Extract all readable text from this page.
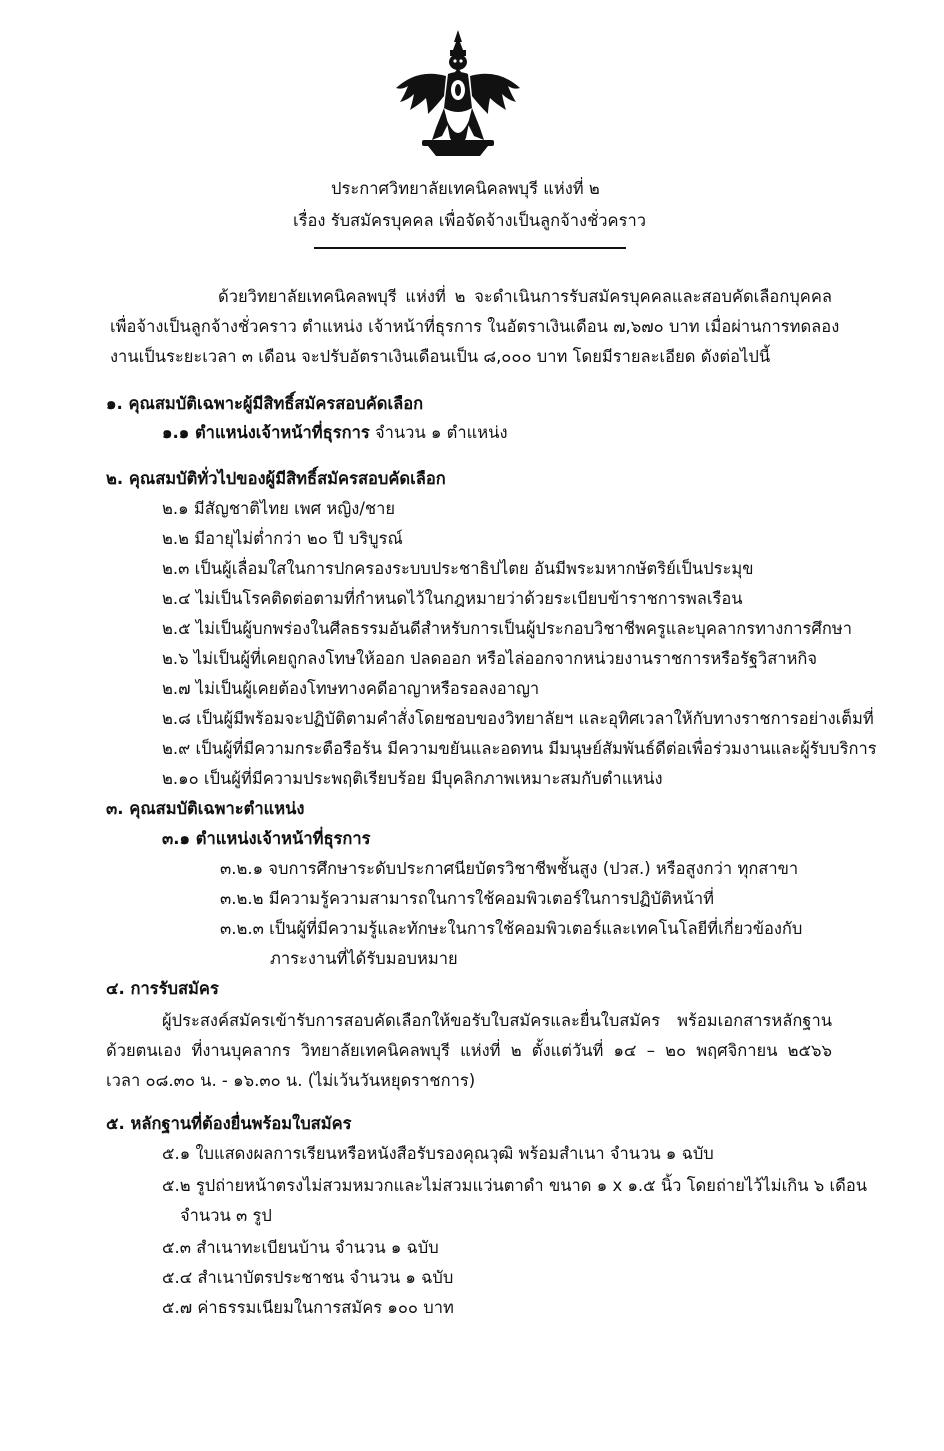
ประกาศวิทยาลัยเทคนิคลพบุรี แห่งที่ ๒
เรื่อง รับสมัครบุคคล เพื่อจัดจ้างเป็นลูกจ้างชั่วคราว
ด้วยวิทยาลัยเทคนิคลพบุรี แห่งที่ ๒ จะดำเนินการรับสมัครบุคคลและสอบคัดเลือกบุคคล
เพื่อจ้างเป็นลูกจ้างชั่วคราว ตำแหน่ง เจ้าหน้าที่ธุรการ ในอัตราเงินเดือน ๗,๖๗๐ บาท เมื่อผ่านการทดลอง
งานเป็นระยะเวลา ๓ เดือน จะปรับอัตราเงินเดือนเป็น ๘,๐๐๐ บาท โดยมีรายละเอียด ดังต่อไปนี้
๑. คุณสมบัติเฉพาะผู้มีสิทธิ์สมัครสอบคัดเลือก
๑.๑ ตำแหน่งเจ้าหน้าที่ธุรการ จำนวน ๑ ตำแหน่ง
๒. คุณสมบัติทั่วไปของผู้มีสิทธิ์สมัครสอบคัดเลือก
๒.๑ มีสัญชาติไทย เพศ หญิง/ชาย
๒.๒ มีอายุไม่ต่ำกว่า ๒๐ ปี บริบูรณ์
๒.๓ เป็นผู้เลื่อมใสในการปกครองระบบประชาธิปไตย อันมีพระมหากษัตริย์เป็นประมุข
๒.๔ ไม่เป็นโรคติดต่อตามที่กำหนดไว้ในกฎหมายว่าด้วยระเบียบข้าราชการพลเรือน
๒.๕ ไม่เป็นผู้บกพร่องในศีลธรรมอันดีสำหรับการเป็นผู้ประกอบวิชาชีพครูและบุคลากรทางการศึกษา
๒.๖ ไม่เป็นผู้ที่เคยถูกลงโทษให้ออก ปลดออก หรือไล่ออกจากหน่วยงานราชการหรือรัฐวิสาหกิจ
๒.๗ ไม่เป็นผู้เคยต้องโทษทางคดีอาญาหรือรอลงอาญา
๒.๘ เป็นผู้มีพร้อมจะปฏิบัติตามคำสั่งโดยชอบของวิทยาลัยฯ และอุทิศเวลาให้กับทางราชการอย่างเต็มที่
๒.๙ เป็นผู้ที่มีความกระตือรือร้น มีความขยันและอดทน มีมนุษย์สัมพันธ์ดีต่อเพื่อร่วมงานและผู้รับบริการ
๒.๑๐ เป็นผู้ที่มีความประพฤติเรียบร้อย มีบุคลิกภาพเหมาะสมกับตำแหน่ง
๓. คุณสมบัติเฉพาะตำแหน่ง
๓.๑ ตำแหน่งเจ้าหน้าที่ธุรการ
๓.๒.๑ จบการศึกษาระดับประกาศนียบัตรวิชาชีพชั้นสูง (ปวส.) หรือสูงกว่า ทุกสาขา
๓.๒.๒ มีความรู้ความสามารถในการใช้คอมพิวเตอร์ในการปฏิบัติหน้าที่
๓.๒.๓ เป็นผู้ที่มีความรู้และทักษะในการใช้คอมพิวเตอร์และเทคโนโลยีที่เกี่ยวข้องกับ
ภาระงานที่ได้รับมอบหมาย
๔. การรับสมัคร
ผู้ประสงค์สมัครเข้ารับการสอบคัดเลือกให้ขอรับใบสมัครและยื่นใบสมัคร พร้อมเอกสารหลักฐาน
ด้วยตนเอง ที่งานบุคลากร วิทยาลัยเทคนิคลพบุรี แห่งที่ ๒ ตั้งแต่วันที่ ๑๔ – ๒๐ พฤศจิกายน ๒๕๖๖
เวลา ๐๘.๓๐ น. - ๑๖.๓๐ น. (ไม่เว้นวันหยุดราชการ)
๕. หลักฐานที่ต้องยื่นพร้อมใบสมัคร
๕.๑ ใบแสดงผลการเรียนหรือหนังสือรับรองคุณวุฒิ พร้อมสำเนา จำนวน ๑ ฉบับ
๕.๒ รูปถ่ายหน้าตรงไม่สวมหมวกและไม่สวมแว่นตาดำ ขนาด ๑ x ๑.๕ นิ้ว โดยถ่ายไว้ไม่เกิน ๖ เดือน
จำนวน ๓ รูป
๕.๓ สำเนาทะเบียนบ้าน จำนวน ๑ ฉบับ
๕.๔ สำเนาบัตรประชาชน จำนวน ๑ ฉบับ
๕.๗ ค่าธรรมเนียมในการสมัคร ๑๐๐ บาท
